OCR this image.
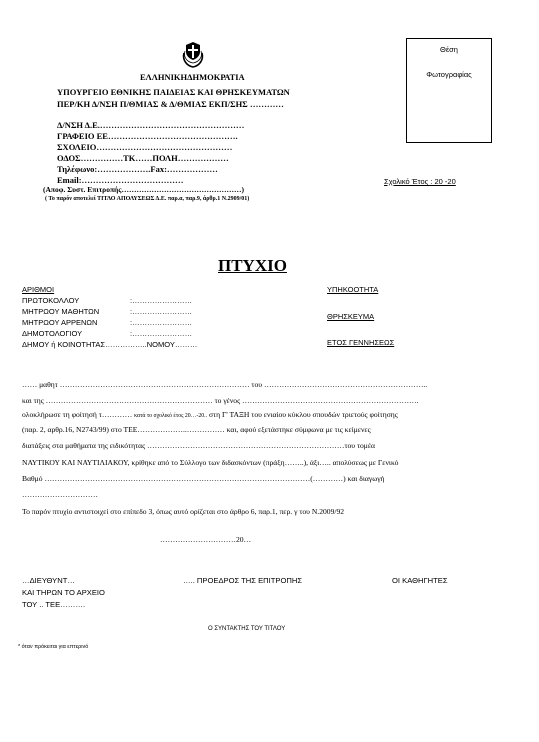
ΕΛΛΗΝΙΚΗΔΗΜΟΚΡΑΤΙΑ
ΥΠΟΥΡΓΕΙΟ ΕΘΝΙΚΗΣ ΠΑΙΔΕΙΑΣ ΚΑΙ ΘΡΗΣΚΕΥΜΑΤΩΝ
ΠΕΡ/ΚΗ Δ/ΝΣΗ Π/ΘΜΙΑΣ & Δ/ΘΜΙΑΣ ΕΚΠ/ΣΗΣ …………
Δ/ΝΣΗ Δ.Ε.……………………………………………
ΓΡΑΦΕΙΟ ΕΕ……………………………………….
ΣΧΟΛΕΙΟ…………………………………………
ΟΔΟΣ……………ΤΚ……ΠΟΛΗ………………
Τηλέφωνο:……………….Fax:………………
Email:………………………………
(Αποφ. Συστ. Επιτροπής…………………………………………)
( Το παρόν αποτελεί ΤΙΤΛΟ ΑΠΟΛΥΣΕΩΣ Δ.Ε. παρ.α, παρ.9, άρθρ.1 Ν.2909/01)
Θέση
Φωτογραφίας
Σχολικό Έτος : 20 -20
ΠΤΥΧΙΟ
ΑΡΙΘΜΟΙ
ΠΡΩΤΟΚΟΛΛΟΥ	:……………………
ΜΗΤΡΩΟΥ ΜΑΘΗΤΩΝ	:……………………
ΜΗΤΡΩΟΥ ΑΡΡΕΝΩΝ	:……………………
ΔΗΜΟΤΟΛΟΓΙΟΥ	:……………………
ΔΗΜΟΥ ή ΚΟΙΝΟΤΗΤΑΣ……………..ΝΟΜΟΥ………
ΥΠΗΚΟΟΤΗΤΑ
ΘΡΗΣΚΕΥΜΑ
ΕΤΟΣ ΓΕΝΝΗΣΕΩΣ
…… μαθητ ………………………………………………………………… του ………………………………………………………..
και της ………………………………………………………… το γένος …………………………………………………………….
ολοκλήρωσε τη φοίτησή τ………… κατά το σχολικό έτος 20…-20.. στη Γ' ΤΑΞΗ του ενιαίου κύκλου σπουδών τριετούς φοίτησης
(παρ. 2, αρθρ.16, Ν2743/99) στο ΤΕΕ………………..…………… και, αφού εξετάστηκε σύμφωνα με τις κείμενες
διατάξεις στα μαθήματα της ειδικότητας ……………………………………………………………………του τομέα
ΝΑΥΤΙΚΟΥ ΚΑΙ ΝΑΥΤΙΛΙΑΚΟΥ, κρίθηκε από το Σύλλογο των διδασκόντων (πράξη……..), άξι….. απολύσεως με Γενικό
Βαθμό ……………………………………………………………………………………………(…………) και διαγωγή
…………………………
Το παρόν πτυχίο αντιστοιχεί στο επίπεδο 3, όπως αυτό ορίζεται στο άρθρο 6, παρ.1, περ. γ του Ν.2009/92
…………………………20…
…ΔΙΕΥΘΥΝΤ…
ΚΑΙ ΤΗΡΩΝ ΤΟ ΑΡΧΕΙΟ
ΤΟΥ .. ΤΕΕ……….
….. ΠΡΟΕΔΡΟΣ ΤΗΣ ΕΠΙΤΡΟΠΗΣ	ΟΙ ΚΑΘΗΓΗΤΕΣ
Ο ΣΥΝΤΑΚΤΗΣ ΤΟΥ ΤΙΤΛΟΥ
* όταν πρόκειται για επτερινό
